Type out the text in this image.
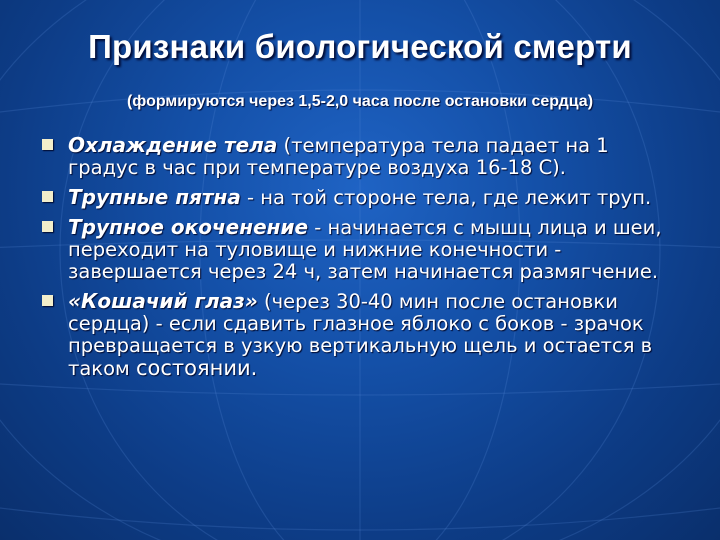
Признаки биологической смерти
(формируются через 1,5-2,0 часа после остановки сердца)
Охлаждение тела (температура тела падает на 1 градус в час при температуре воздуха 16-18 С).
Трупные пятна - на той стороне тела, где лежит труп.
Трупное окоченение - начинается с мышц лица и шеи, переходит на туловище и нижние конечности - завершается через 24 ч, затем начинается размягчение.
«Кошачий глаз» (через 30-40 мин после остановки сердца) - если сдавить глазное яблоко с боков - зрачок превращается в узкую вертикальную щель и остается в таком состоянии.
